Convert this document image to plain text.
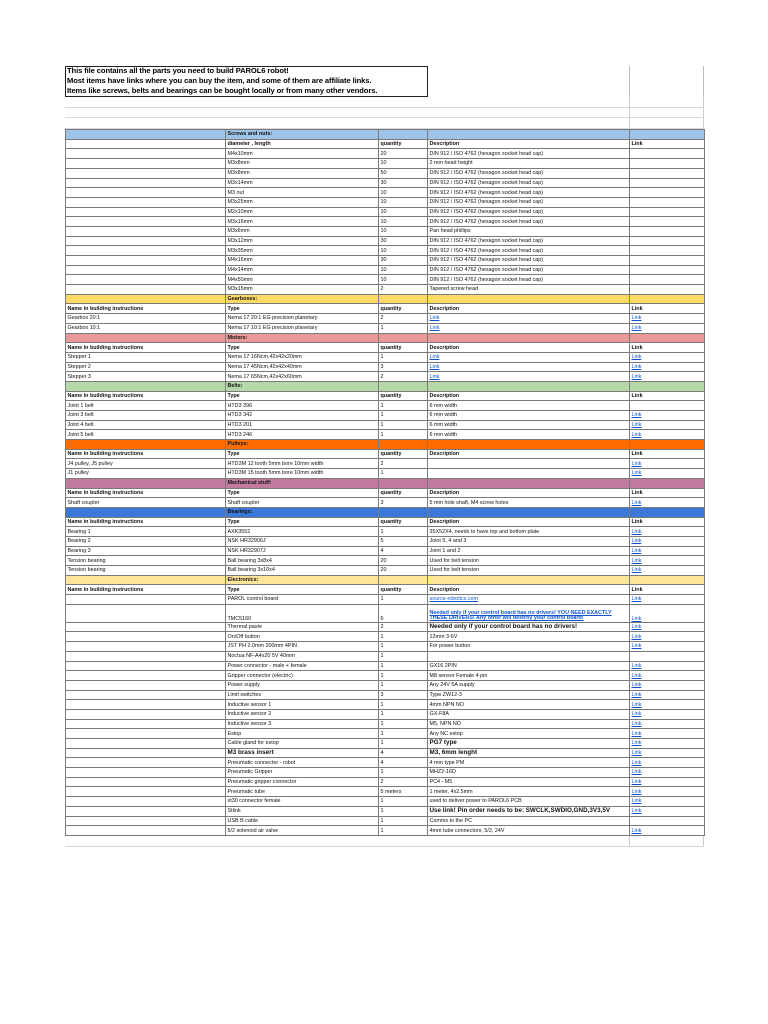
This file contains all the parts you need to build PAROL6 robot!
Most items have links where you can buy the item, and some of them are affiliate links.
Items like screws, belts and bearings can be bought locally or from many other vendors.
	Screws and nuts:			
	diameter , length	quantity	Description	Link
	M4x10mm	20	DIN 912 / ISO 4762 (hexagon socket head cap)	
	M3x8mm	10	2 mm head height	
	M3x8mm	50	DIN 912 / ISO 4762 (hexagon socket head cap)	
	M3x14mm	30	DIN 912 / ISO 4762 (hexagon socket head cap)	
	M3 nut	10	DIN 912 / ISO 4762 (hexagon socket head cap)	
	M3x25mm	10	DIN 912 / ISO 4762 (hexagon socket head cap)	
	M2x10mm	10	DIN 912 / ISO 4762 (hexagon socket head cap)	
	M3x16mm	10	DIN 912 / ISO 4762 (hexagon socket head cap)	
	M3x6mm	10	Pan head phillips	
	M3x12mm	30	DIN 912 / ISO 4762 (hexagon socket head cap)	
	M3x35mm	10	DIN 912 / ISO 4762 (hexagon socket head cap)	
	M4x16mm	30	DIN 912 / ISO 4762 (hexagon socket head cap)	
	M4x14mm	10	DIN 912 / ISO 4762 (hexagon socket head cap)	
	M4x50mm	10	DIN 912 / ISO 4762 (hexagon socket head cap)	
	M3x15mm	2	Tapered screw head	
	Gearboxes:			
Name in building instructions	Type	quantity	Description	Link
Gearbox 20:1	Nema 17 20:1 EG precision planetary	2	Link	Link
Gearbox 10:1	Nema 17 10:1 EG precision planetary	1	Link	Link
	Motors:			
Name in building instructions	Type	quantity	Description	Link
Stepper 1	Nema 17 16Ncm,42x42x20mm	1	Link	Link
Stepper 2	Nema 17 45Ncm,42x42x40mm	3	Link	Link
Stepper 3	Nema 17 65Ncm,42x42x60mm	2	Link	Link
	Belts:			
Name in building instructions	Type	quantity	Description	Link
Joint 1 belt	HTD3 396	1	6 mm width	
Joint 3 belt	HTD3 342	1	6 mm width	Link
Joint 4 belt	HTD3 201	1	6 mm width	Link
Joint 5 belt	HTD3 246	1	6 mm width	Link
	Pulleys:			
Name in building instructions	Type	quantity	Description	Link
J4 pulley, J5 pulley	HTD3M 12 tooth 5mm bore 10mm width	2		Link
J1 pulley	HTD3M 15 tooth 5mm bore 10mm width	1		Link
	Mechanical stuff:			
Name in building instructions	Type	quantity	Description	Link
Shaft coupler	Shaft coupler	3	5 mm hole shaft, M4 screw holes	Link
	Bearings:			
Name in building instructions	Type	quantity	Description	Link
Bearing 1	AXK3552	1	35X52X4, needs to have top and bottom plate	Link
Bearing 2	NSK HR32906J	5	Joint 5, 4 and 3	Link
Bearing 3	NSK HR32907J	4	Joint 1 and 2	Link
Tension bearing	Ball bearing 3x8x4	20	Used for belt tension	Link
Tension bearing	Ball bearing 3x10x4	20	Used for belt tension	Link
	Electronics:			
Name in building instructions	Type	quantity	Description	Link
	PAROL control board	1	source-robotics.com	Link
	TMC5160	6	Needed only if your control board has no drivers! YOU NEED EXACTLY THESE DRIVERS! Any other will destroy your control board!	Link
	Thermal paste	2	Needed only if your control board has no drivers!	Link
	On/Off button	1	12mm 3-6V	Link
	JST PH 2.0mm 200mm 4PIN	1	For power button	Link
	Noctua NF-A4x20 5V 40mm	1		
	Power connector - male + female	1	GX16 2PIN	Link
	Gripper connector (electric)	1	M8 sensor Female 4 pin	Link
	Power supply	1	Any 24V 5A supply	Link
	Limit switches	3	Type ZW12-3	Link
	Inductive sensor 1	1	4mm NPN NO	Link
	Inductive sensor 2	1	GX-F8A	Link
	Inductive sensor 3	1	M5, NPN NO	Link
	Estop	1	Any NC estop	Link
	Cable gland for estop	1	PG7 type	Link
	M3 brass insert	4	M3, 6mm lenght	Link
	Pneumatic connector - robot	4	4 mm type PM	Link
	Pneumatic Gripper	1	MHZ2-16D	Link
	Pneumatic gripper connector	2	PC4 - M5	Link
	Pneumatic tube	5 meters	1 meter, 4x2.5mm	Link
	xt30 connector female	1	used to deliver power to PAROL6 PCB	Link
	Stlink	1	Use link! Pin order needs to be: SWCLK,SWDIO,GND,3V3,5V	Link
	USB B cable	1	Comms to the PC	
	5/2 solenoid air valve	1	4mm tube connectors, 5/2, 24V	Link
